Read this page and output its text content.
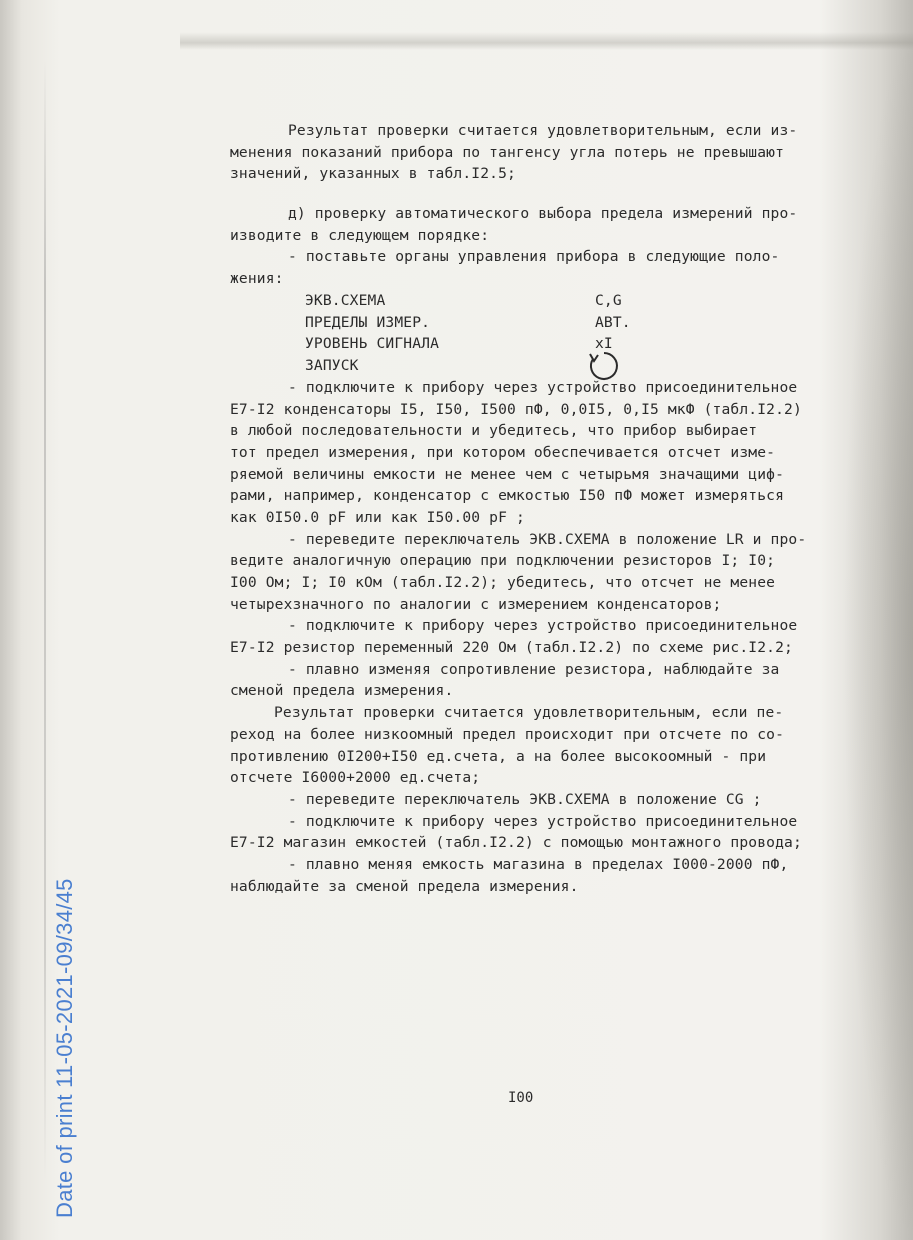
Результат проверки считается удовлетворительным, если из-
менения показаний прибора по тангенсу угла потерь не превышают
значений, указанных в табл.I2.5;
д) проверку автоматического выбора предела измерений про-
изводите в следующем порядке:
- поставьте органы управления прибора в следующие поло-
жения:
ЭКВ.СХЕМА	С,G
ПРЕДЕЛЫ ИЗМЕР.	АВТ.
УРОВЕНЬ СИГНАЛА	xI
ЗАПУСК
- подключите к прибору через устройство присоединительное
Е7-I2 конденсаторы I5, I50, I500 пФ, 0,0I5, 0,I5 мкФ (табл.I2.2)
в любой последовательности и убедитесь, что прибор выбирает
тот предел измерения, при котором обеспечивается отсчет изме-
ряемой величины емкости не менее чем с четырьмя значащими циф-
рами, например, конденсатор с емкостью I50 пФ может измеряться
как 0I50.0 pF или как I50.00 pF ;
- переведите переключатель ЭКВ.СХЕМА в положение LR и про-
ведите аналогичную операцию при подключении резисторов I; I0;
I00 Ом; I; I0 кОм (табл.I2.2); убедитесь, что отсчет не менее
четырехзначного по аналогии с измерением конденсаторов;
- подключите к прибору через устройство присоединительное
Е7-I2 резистор переменный 220 Ом (табл.I2.2) по схеме рис.I2.2;
- плавно изменяя сопротивление резистора, наблюдайте за
сменой предела измерения.
Результат проверки считается удовлетворительным, если пе-
реход на более низкоомный предел происходит при отсчете по со-
противлению 0I200+I50 ед.счета, а на более высокоомный - при
отсчете I6000+2000 ед.счета;
- переведите переключатель ЭКВ.СХЕМА в положение CG ;
- подключите к прибору через устройство присоединительное
Е7-I2 магазин емкостей (табл.I2.2) с помощью монтажного провода;
- плавно меняя емкость магазина в пределах I000-2000 пФ,
наблюдайте за сменой предела измерения.
I00
Date of print 11-05-2021-09/34/45
